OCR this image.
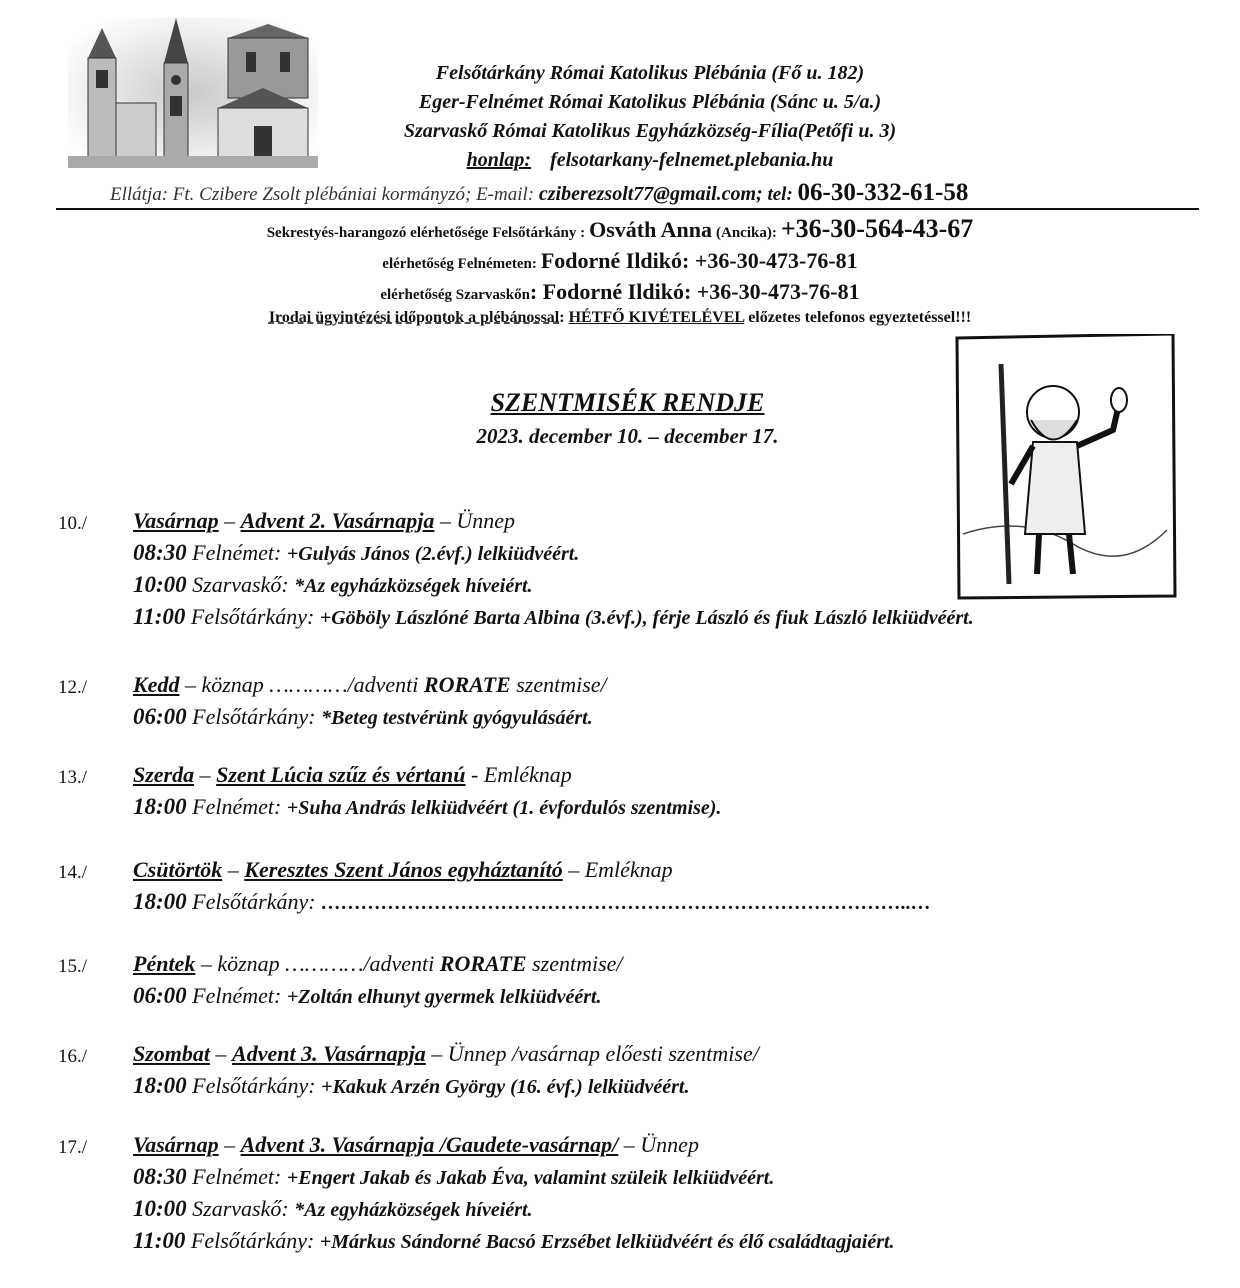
Felsőtárkány Római Katolikus Plébánia (Fő u. 182)
Eger-Felnémet Római Katolikus Plébánia (Sánc u. 5/a.)
Szarvaskő Római Katolikus Egyházközség-Fília(Petőfi u. 3)
honlap: felsotarkany-felnemet.plebania.hu
Ellátja: Ft. Czibere Zsolt plébániai kormányzó; E-mail: cziberezsolt77@gmail.com; tel: 06-30-332-61-58
Sekrestyés-harangozó elérhetősége Felsőtárkány : Osváth Anna (Ancika): +36-30-564-43-67
elérhetőség Felnémeten: Fodorné Ildikó: +36-30-473-76-81
elérhetőség Szarvaskőn: Fodorné Ildikó: +36-30-473-76-81
Irodai ügyintézési időpontok a plébánossal: HÉTFŐ KIVÉTELÉVEL előzetes telefonos egyeztetéssel!!!
SZENTMISÉK RENDJE
2023. december 10. – december 17.
10./ Vasárnap – Advent 2. Vasárnapja – Ünnep
08:30 Felnémet: +Gulyás János (2.évf.) lelkiüdvéért.
10:00 Szarvaskő: *Az egyházközségek híveiért.
11:00 Felsőtárkány: +Göböly Lászlóné Barta Albina (3.évf.), férje László és fiuk László lelkiüdvéért.
12./ Kedd – köznap …………/adventi RORATE szentmise/
06:00 Felsőtárkány: *Beteg testvérünk gyógyulásáért.
13./ Szerda – Szent Lúcia szűz és vértanú - Emléknap
18:00 Felnémet: +Suha András lelkiüdvéért (1. évfordulós szentmise).
14./ Csütörtök – Keresztes Szent János egyháztanító – Emléknap
18:00 Felsőtárkány: ……………………………………………………………………………..…
15./ Péntek – köznap …………/adventi RORATE szentmise/
06:00 Felnémet: +Zoltán elhunyt gyermek lelkiüdvéért.
16./ Szombat – Advent 3. Vasárnapja – Ünnep /vasárnap előesti szentmise/
18:00 Felsőtárkány: +Kakuk Arzén György (16. évf.) lelkiüdvéért.
17./ Vasárnap – Advent 3. Vasárnapja /Gaudete-vasárnap/ – Ünnep
08:30 Felnémet: +Engert Jakab és Jakab Éva, valamint szüleik lelkiüdvéért.
10:00 Szarvaskő: *Az egyházközségek híveiért.
11:00 Felsőtárkány: +Márkus Sándorné Bacsó Erzsébet lelkiüdvéért és élő családtagjaiért.
